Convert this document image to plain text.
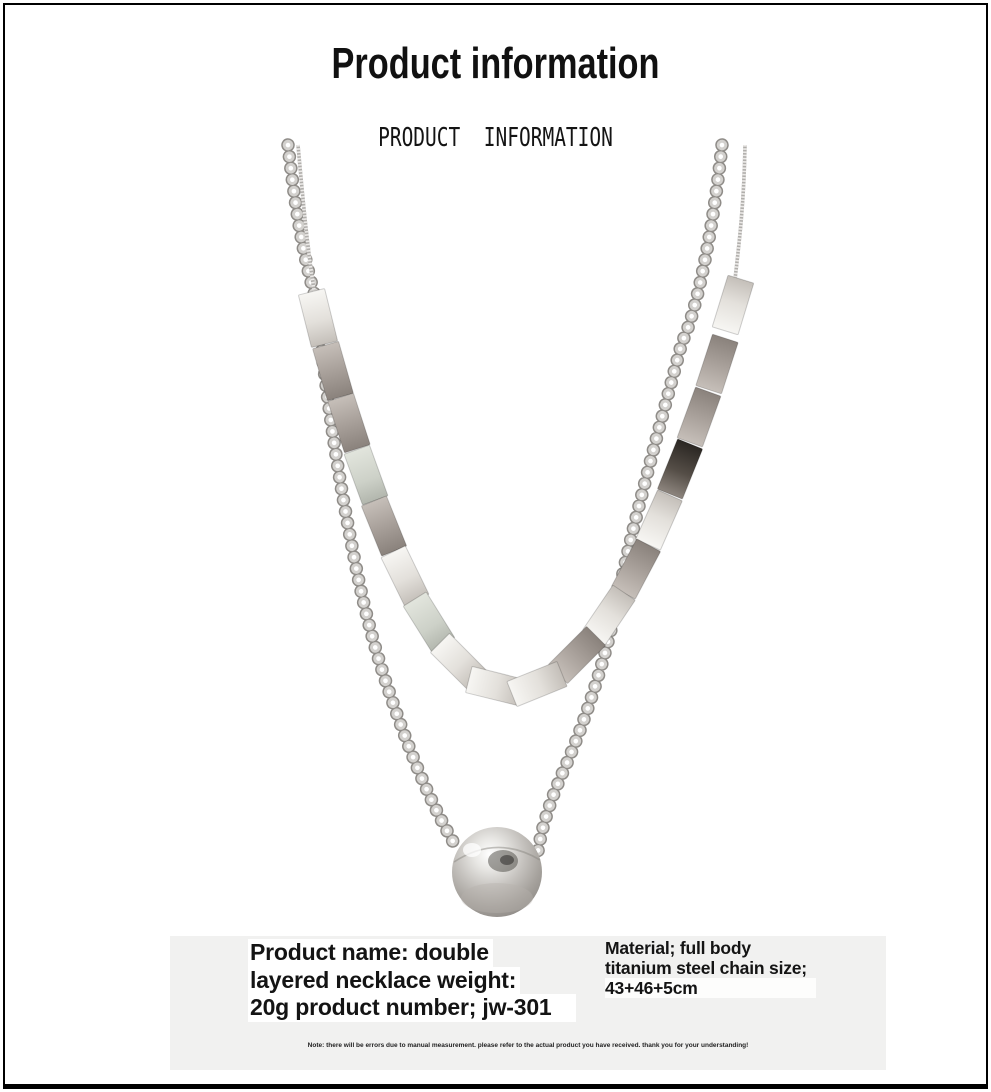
Product information
PRODUCT  INFORMATION
Product name: double
layered necklace weight:
20g product number; jw-301
Material; full body
titanium steel chain size;
43+46+5cm
Note: there will be errors due to manual measurement. please refer to the actual product you have received. thank you for your understanding!
